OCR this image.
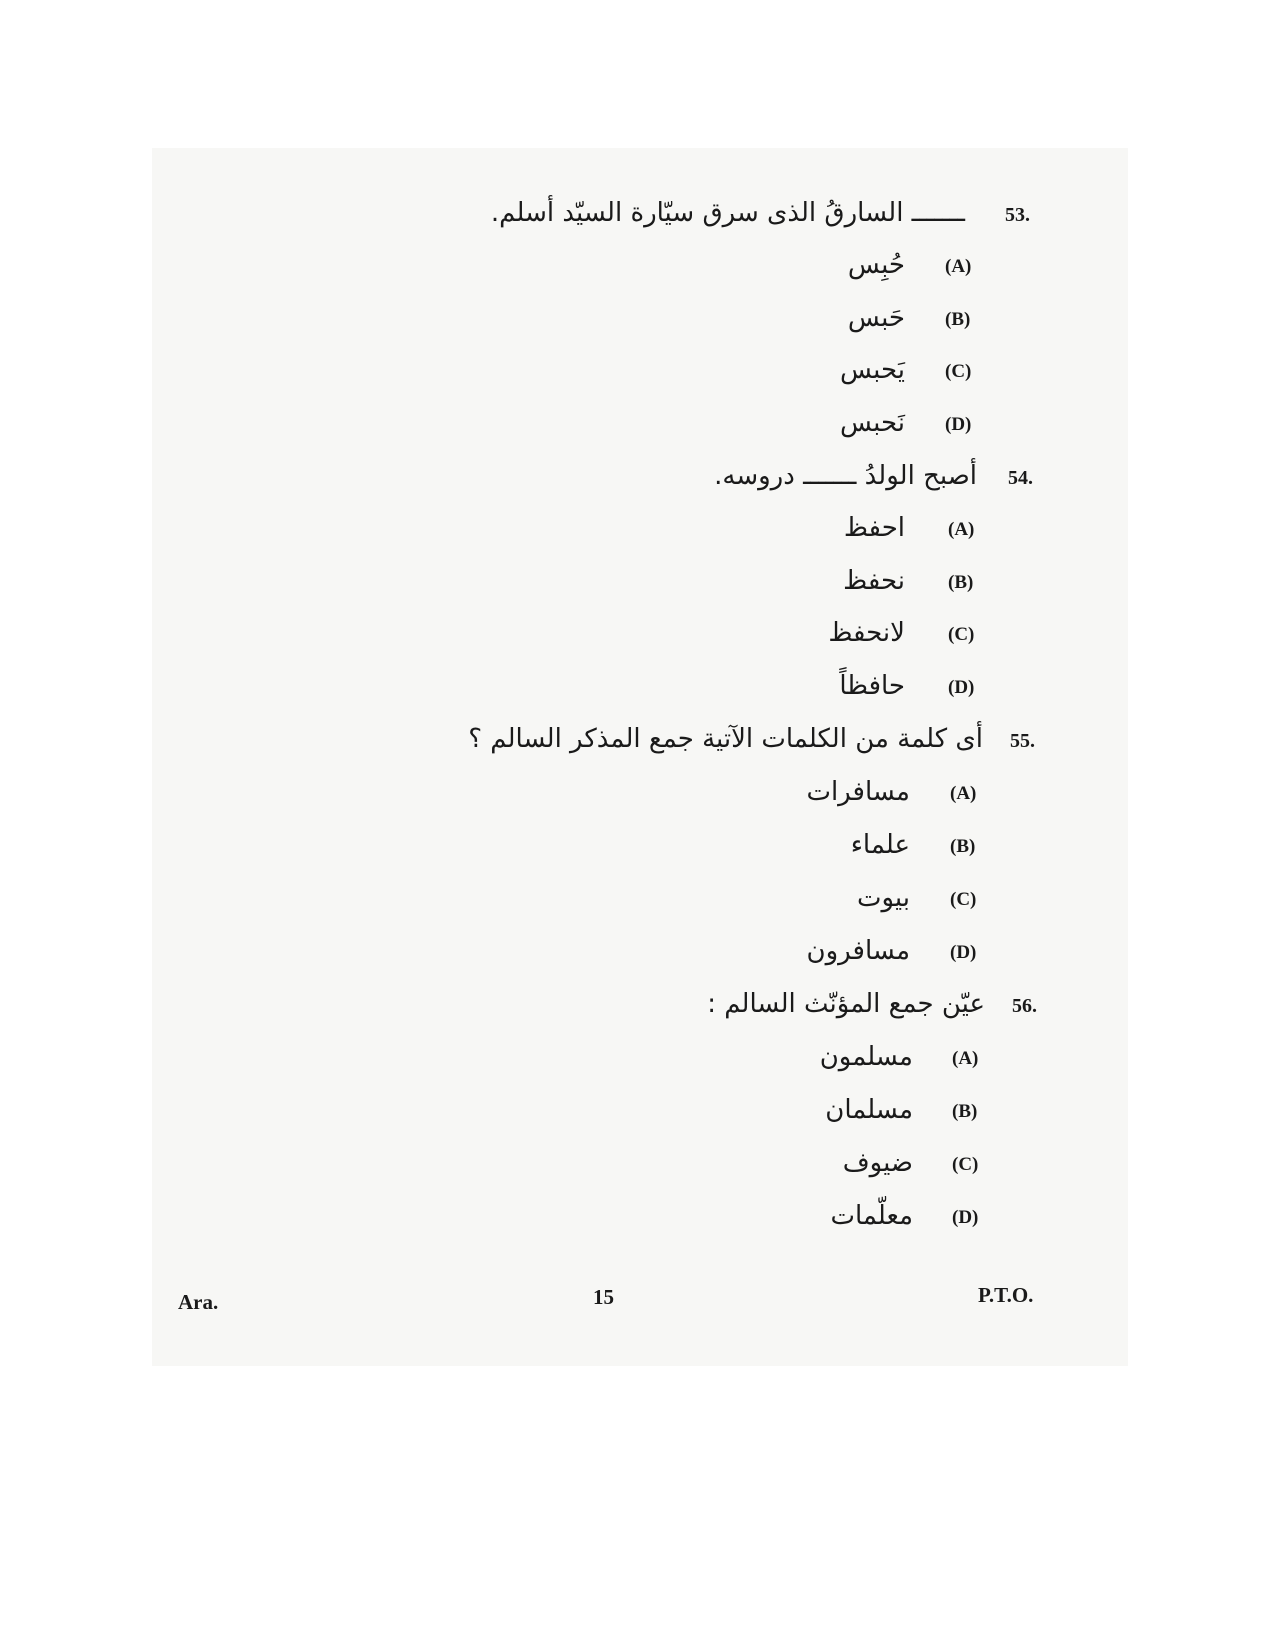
53.
ـــــــ السارقُ الذى سرق سيّارة السيّد أسلم.
(A)
حُبِس
(B)
حَبس
(C)
يَحبس
(D)
نَحبس
54.
أصبح الولدُ ـــــــ دروسه.
(A)
احفظ
(B)
نحفظ
(C)
لانحفظ
(D)
حافظاً
55.
أى كلمة من الكلمات الآتية جمع المذكر السالم ؟
(A)
مسافرات
(B)
علماء
(C)
بيوت
(D)
مسافرون
56.
عيّن جمع المؤنّث السالم :
(A)
مسلمون
(B)
مسلمان
(C)
ضيوف
(D)
معلّمات
Ara.	15	P.T.O.
